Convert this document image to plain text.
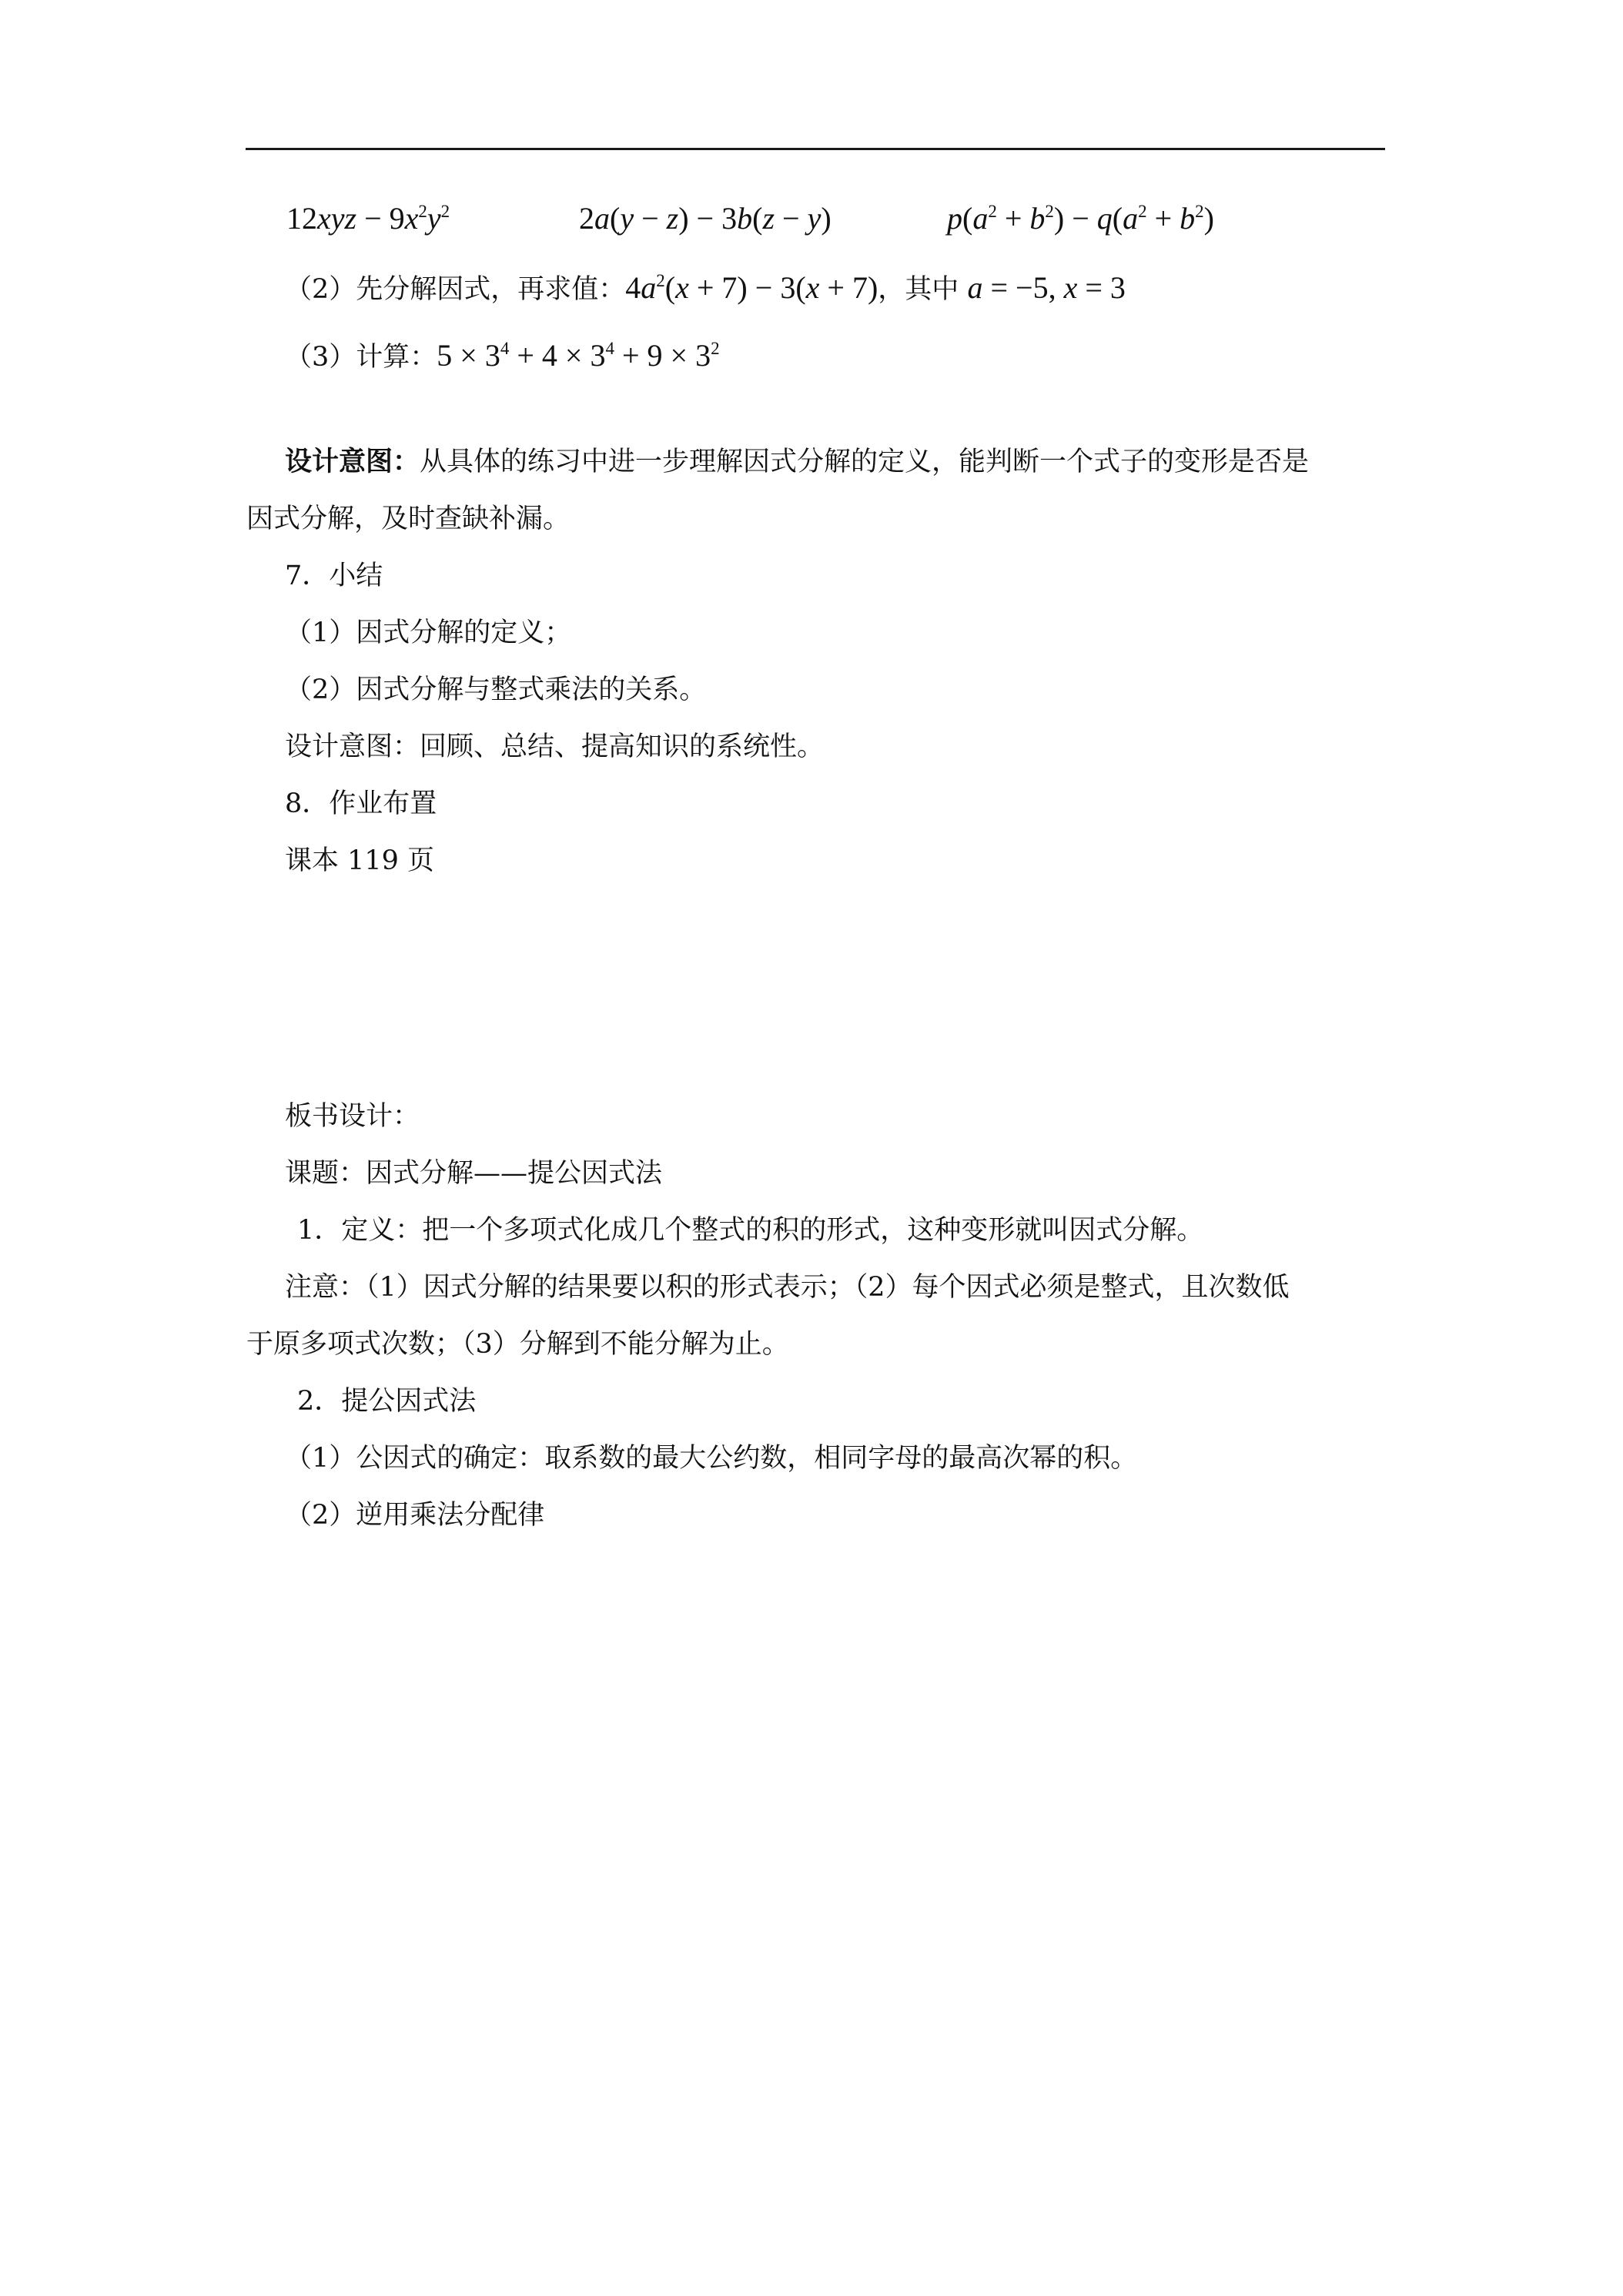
$12xyz - 9x^2y^2$	2a(y − z) − 3b(z − y)	$p(a^2 + b^2) - q(a^2 + b^2)$
（2）先分解因式，再求值：$4a^2(x + 7) - 3(x + 7)$，其中 a = −5, x = 3
（3）计算：$5 \times 3^4 + 4 \times 3^4 + 9 \times 3^2$
设计意图：从具体的练习中进一步理解因式分解的定义，能判断一个式子的变形是否是
因式分解，及时查缺补漏。
7．小结
（1）因式分解的定义；
（2）因式分解与整式乘法的关系。
设计意图：回顾、总结、提高知识的系统性。
8．作业布置
课本 119 页
板书设计：
课题：因式分解——提公因式法
1．定义：把一个多项式化成几个整式的积的形式，这种变形就叫因式分解。
注意：（1）因式分解的结果要以积的形式表示；（2）每个因式必须是整式，且次数低
于原多项式次数；（3）分解到不能分解为止。
2．提公因式法
（1）公因式的确定：取系数的最大公约数，相同字母的最高次幂的积。
（2）逆用乘法分配律
